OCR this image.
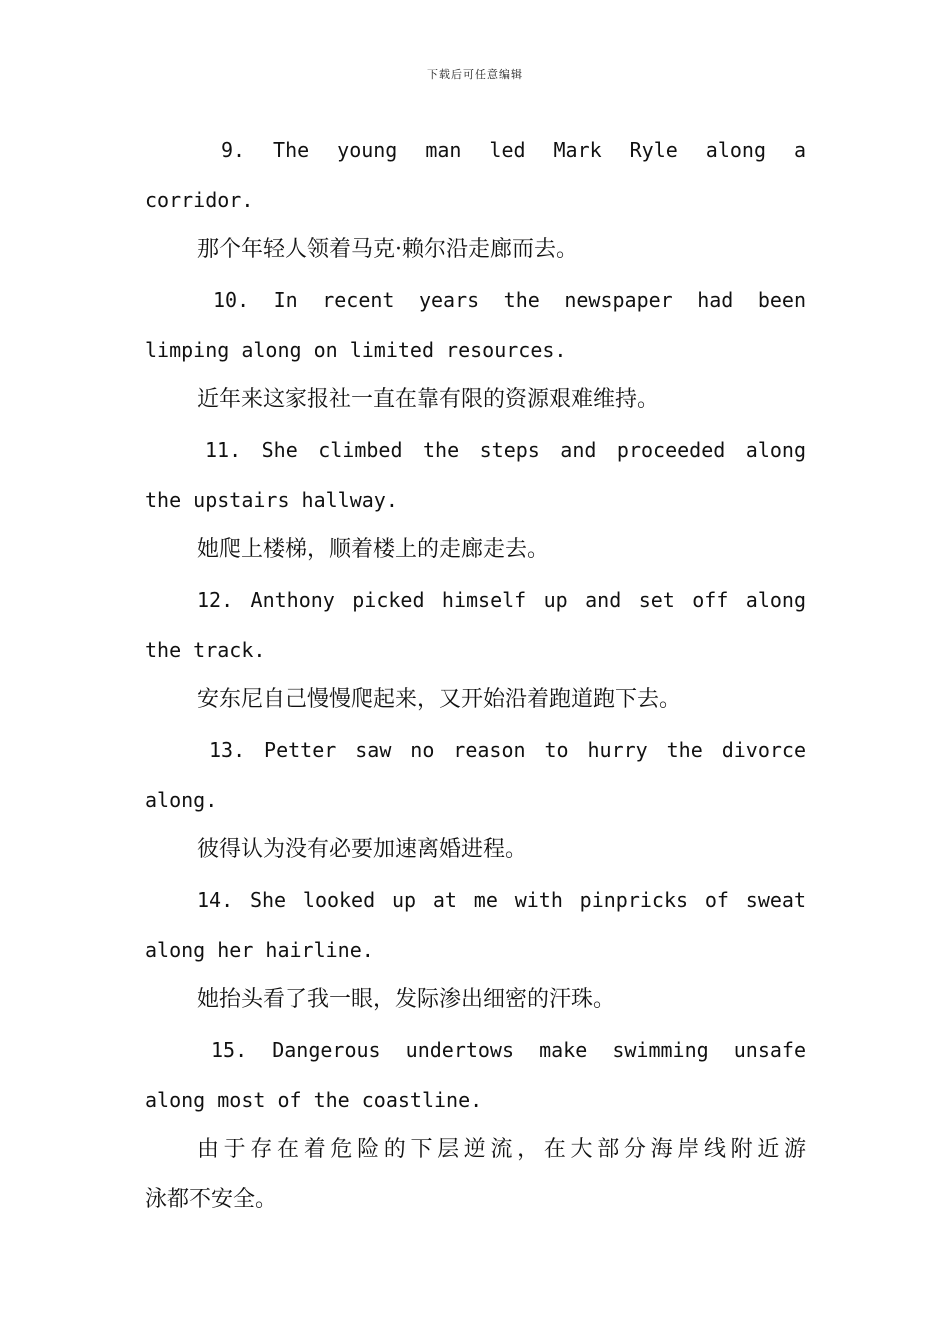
下载后可任意编辑
9. The young man led Mark Ryle along a
corridor.
那个年轻人领着马克·赖尔沿走廊而去。
10. In recent years the newspaper had been
limping along on limited resources.
近年来这家报社一直在靠有限的资源艰难维持。
11. She climbed the steps and proceeded along
the upstairs hallway.
她爬上楼梯，顺着楼上的走廊走去。
12. Anthony picked himself up and set off along
the track.
安东尼自己慢慢爬起来，又开始沿着跑道跑下去。
13. Petter saw no reason to hurry the divorce
along.
彼得认为没有必要加速离婚进程。
14. She looked up at me with pinpricks of sweat
along her hairline.
她抬头看了我一眼，发际渗出细密的汗珠。
15. Dangerous undertows make swimming unsafe
along most of the coastline.
由于存在着危险的下层逆流，在大部分海岸线附近游
泳都不安全。
